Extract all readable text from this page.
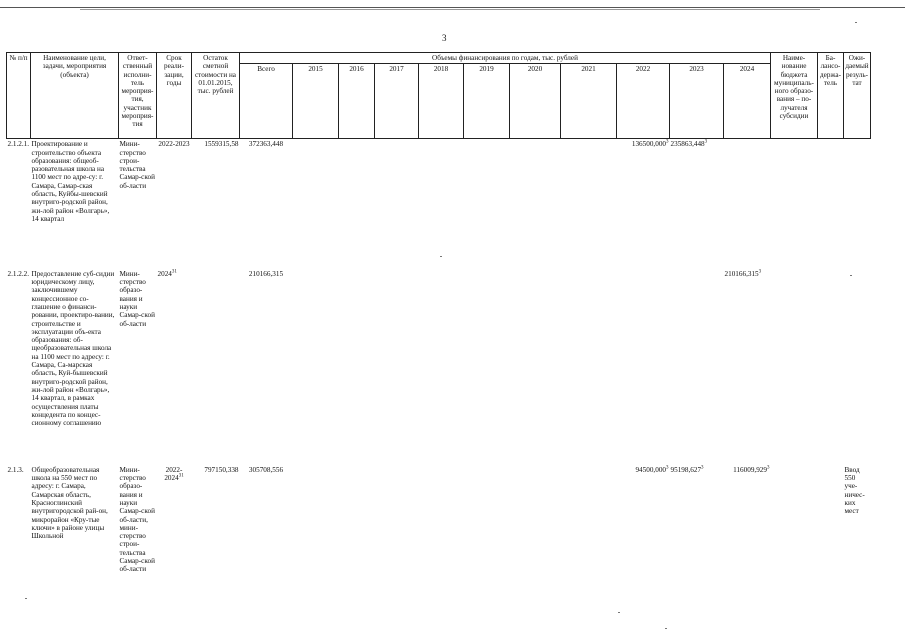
3
№ п/п	Наименование цели, задачи, мероприятия (объекта)	Ответ-ственный исполни-тель мероприя-тия, участник мероприя-тия	Срок реали-зации, годы	Остаток сметной стоимости на 01.01.2015, тыс. рублей	Объемы финансирования по годам, тыс. рублей											Наиме-нование бюджета муниципаль-ного образо-вания – по-лучателя субсидии	Ба-лансо-держа-тель	Ожи-даемый резуль-тат
					Всего	2015	2016	2017	2018	2019	2020	2021	2022	2023	2024			
2.1.2.1.	Проектирование и строительство объекта образования: общеоб-разовательная школа на 1100 мест по адре-су: г. Самара, Самар-ская область, Куйбы-шевский внутриго-родской район, жи-лой район «Волгарь», 14 квартал	Мини-стерство строи-тельства Самар-ской об-ласти	2022-2023	1559315,58	372363,448								136500,000$^3$	235863,448$^3$				
2.1.2.2.	Предоставление суб-сидии юридическому лицу, заключившему концессионное со-глашение о финанси-ровании, проектиро-вании, строительстве и эксплуатации объ-екта образования: об-щеобразовательная школа на 1100 мест по адресу: г. Самара, Са-марская область, Куй-бышевский внутриго-родской район, жи-лой район «Волгарь», 14 квартал, в рамках осуществления платы концедента по концес-сионному соглашению	Мини-стерство образо-вания и науки Самар-ской об-ласти	2024$^{31}$		210166,315										210166,315$^3$			
2.1.3.	Общеобразовательная школа на 550 мест по адресу: г. Самара, Самарская область, Красноглинский внутригородской рай-он, микрорайон «Кру-тые ключи» в районе улицы Школьной	Мини-стерство образо-вания и науки Самар-ской об-ласти, мини-стерство строи-тельства Самар-ской об-ласти	2022-2024$^{31}$	797150,338	305708,556								94500,000$^3$	95198,627$^3$	116009,929$^3$			Ввод 550 уче-ничес-ких мест
